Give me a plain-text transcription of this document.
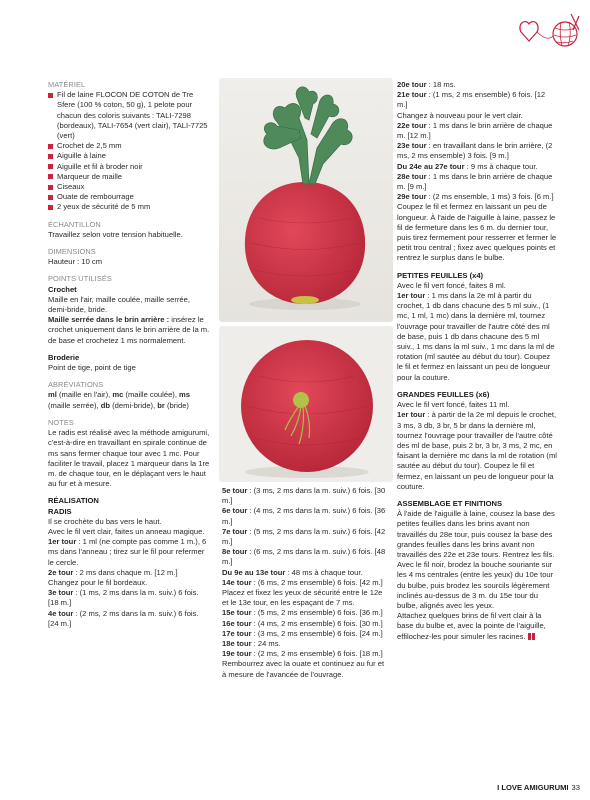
MATÉRIEL

Fil de laine FLOCON DE COTON de Tre Sfere (100 % coton, 50 g), 1 pelote pour chacun des coloris suivants : TALI-7298 (bordeaux), TALI-7654 (vert clair), TALI-7725 (vert)
Crochet de 2,5 mm
Aiguille à laine
Aiguille et fil à broder noir
Marqueur de maille
Ciseaux
Ouate de rembourrage
2 yeux de sécurité de 5 mm

ÉCHANTILLON

Travaillez selon votre tension habituelle.

DIMENSIONS

Hauteur : 10 cm

POINTS UTILISÉS

Crochet

Maille en l'air, maille coulée, maille serrée, demi-bride, bride.

Maille serrée dans le brin arrière : insérez le crochet uniquement dans le brin arrière de la m. de base et crochetez 1 ms normalement.

Broderie

Point de tige, point de tige

ABRÉVIATIONS

ml (maille en l'air), mc (maille coulée), ms (maille serrée), db (demi-bride), br (bride)

NOTES

Le radis est réalisé avec la méthode amigurumi, c'est-à-dire en travaillant en spirale continue de ms sans fermer chaque tour avec 1 mc. Pour faciliter le travail, placez 1 marqueur dans la 1re m. de chaque tour, en le déplaçant vers le haut au fur et à mesure.

RÉALISATION

RADIS

Il se crochète du bas vers le haut.

Avec le fil vert clair, faites un anneau magique.

1er tour : 1 ml (ne compte pas comme 1 m.), 6 ms dans l'anneau ; tirez sur le fil pour refermer le cercle.

2e tour : 2 ms dans chaque m. [12 m.]

Changez pour le fil bordeaux.

3e tour : (1 ms, 2 ms dans la m. suiv.) 6 fois. [18 m.]

4e tour : (2 ms, 2 ms dans la m. suiv.) 6 fois. [24 m.]

5e tour : (3 ms, 2 ms dans la m. suiv.) 6 fois. [30 m.]

6e tour : (4 ms, 2 ms dans la m. suiv.) 6 fois. [36 m.]

7e tour : (5 ms, 2 ms dans la m. suiv.) 6 fois. [42 m.]

8e tour : (6 ms, 2 ms dans la m. suiv.) 6 fois. [48 m.]

Du 9e au 13e tour : 48 ms à chaque tour.

14e tour : (6 ms, 2 ms ensemble) 6 fois. [42 m.]

Placez et fixez les yeux de sécurité entre le 12e et le 13e tour, en les espaçant de 7 ms.

15e tour : (5 ms, 2 ms ensemble) 6 fois. [36 m.]

16e tour : (4 ms, 2 ms ensemble) 6 fois. [30 m.]

17e tour : (3 ms, 2 ms ensemble) 6 fois. [24 m.]

18e tour : 24 ms.

19e tour : (2 ms, 2 ms ensemble) 6 fois. [18 m.]

Rembourrez avec la ouate et continuez au fur et à mesure de l'avancée de l'ouvrage.

20e tour : 18 ms.

21e tour : (1 ms, 2 ms ensemble) 6 fois. [12 m.]

Changez à nouveau pour le vert clair.

22e tour : 1 ms dans le brin arrière de chaque m. [12 m.]

23e tour : en travaillant dans le brin arrière, (2 ms, 2 ms ensemble) 3 fois. [9 m.]

Du 24e au 27e tour : 9 ms à chaque tour.

28e tour : 1 ms dans le brin arrière de chaque m. [9 m.]

29e tour : (2 ms ensemble, 1 ms) 3 fois. [6 m.]

Coupez le fil et fermez en laissant un peu de longueur. À l'aide de l'aiguille à laine, passez le fil de fermeture dans les 6 m. du dernier tour, puis tirez fermement pour resserrer et fermer le petit trou central ; fixez avec quelques points et rentrez le surplus dans le bulbe.

PETITES FEUILLES (x4)

Avec le fil vert foncé, faites 8 ml.

1er tour : 1 ms dans la 2e ml à partir du crochet, 1 db dans chacune des 5 ml suiv., (1 mc, 1 ml, 1 mc) dans la dernière ml, tournez l'ouvrage pour travailler de l'autre côté des ml de base, puis 1 db dans chacune des 5 ml suiv., 1 ms dans la ml suiv., 1 mc dans la ml de rotation (ml sautée au début du tour). Coupez le fil et fermez en laissant un peu de longueur pour la couture.

GRANDES FEUILLES (x6)

Avec le fil vert foncé, faites 11 ml.

1er tour : à partir de la 2e ml depuis le crochet, 3 ms, 3 db, 3 br, 5 br dans la dernière ml, tournez l'ouvrage pour travailler de l'autre côté des ml de base, puis 2 br, 3 br, 3 ms, 2 mc, en faisant la dernière mc dans la ml de rotation (ml sautée au début du tour). Coupez le fil et fermez, en laissant un peu de longueur pour la couture.

ASSEMBLAGE ET FINITIONS

À l'aide de l'aiguille à laine, cousez la base des petites feuilles dans les brins avant non travaillés du 28e tour, puis cousez la base des grandes feuilles dans les brins avant non travaillés des 22e et 23e tours. Rentrez les fils. Avec le fil noir, brodez la bouche souriante sur les 4 ms centrales (entre les yeux) du 10e tour du bulbe, puis brodez les sourcils légèrement inclinés au-dessus de 3 m. du 15e tour du bulbe, alignés avec les yeux.

Attachez quelques brins de fil vert clair à la base du bulbe et, avec la pointe de l'aiguille, effilochez-les pour simuler les racines.

I LOVE AMIGURUMI 33
